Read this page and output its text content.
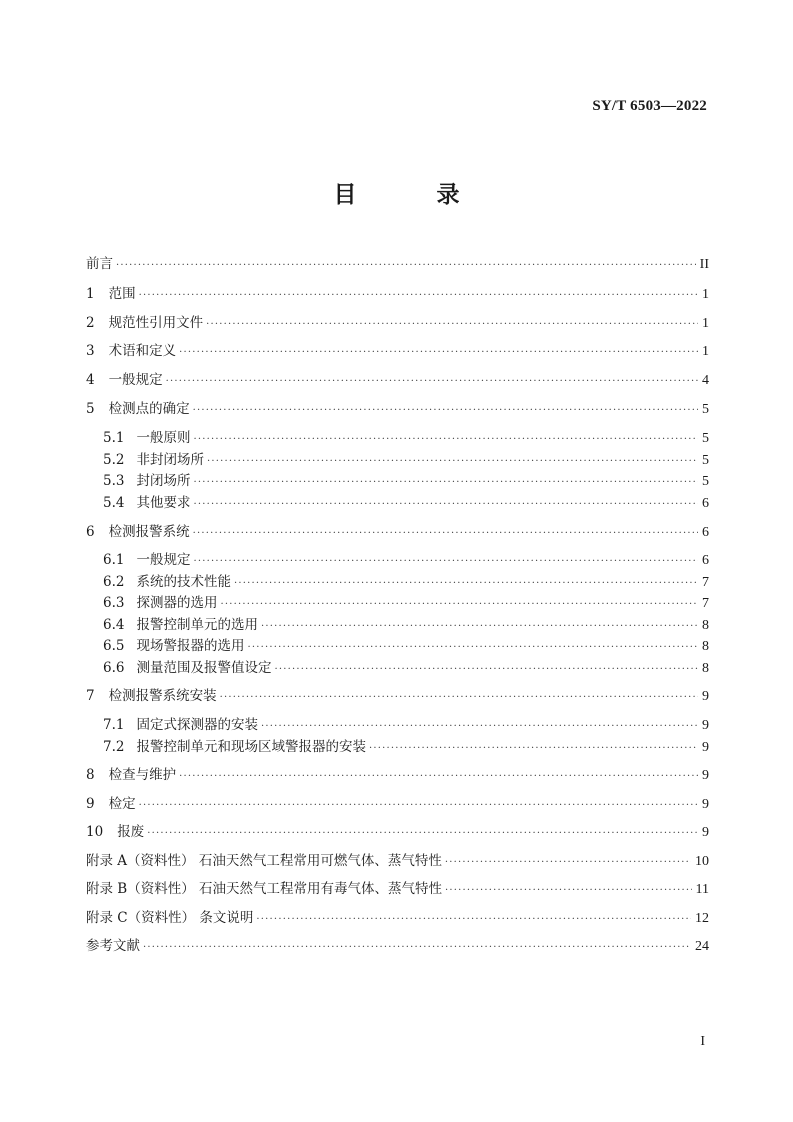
SY/T 6503—2022
目 录
前言 ·····	II
1 范围 ·····	1
2 规范性引用文件 ·····	1
3 术语和定义 ·····	1
4 一般规定 ·····	4
5 检测点的确定 ·····	5
5.1 一般原则 ·····	5
5.2 非封闭场所 ·····	5
5.3 封闭场所 ·····	5
5.4 其他要求 ·····	6
6 检测报警系统 ·····	6
6.1 一般规定 ·····	6
6.2 系统的技术性能 ·····	7
6.3 探测器的选用 ·····	7
6.4 报警控制单元的选用 ·····	8
6.5 现场警报器的选用 ·····	8
6.6 测量范围及报警值设定 ·····	8
7 检测报警系统安装 ·····	9
7.1 固定式探测器的安装 ·····	9
7.2 报警控制单元和现场区域警报器的安装 ·····	9
8 检查与维护 ·····	9
9 检定 ·····	9
10 报废 ·····	9
附录 A（资料性） 石油天然气工程常用可燃气体、蒸气特性 ·····	10
附录 B（资料性） 石油天然气工程常用有毒气体、蒸气特性 ·····	11
附录 C（资料性） 条文说明 ·····	12
参考文献 ·····	24
I
